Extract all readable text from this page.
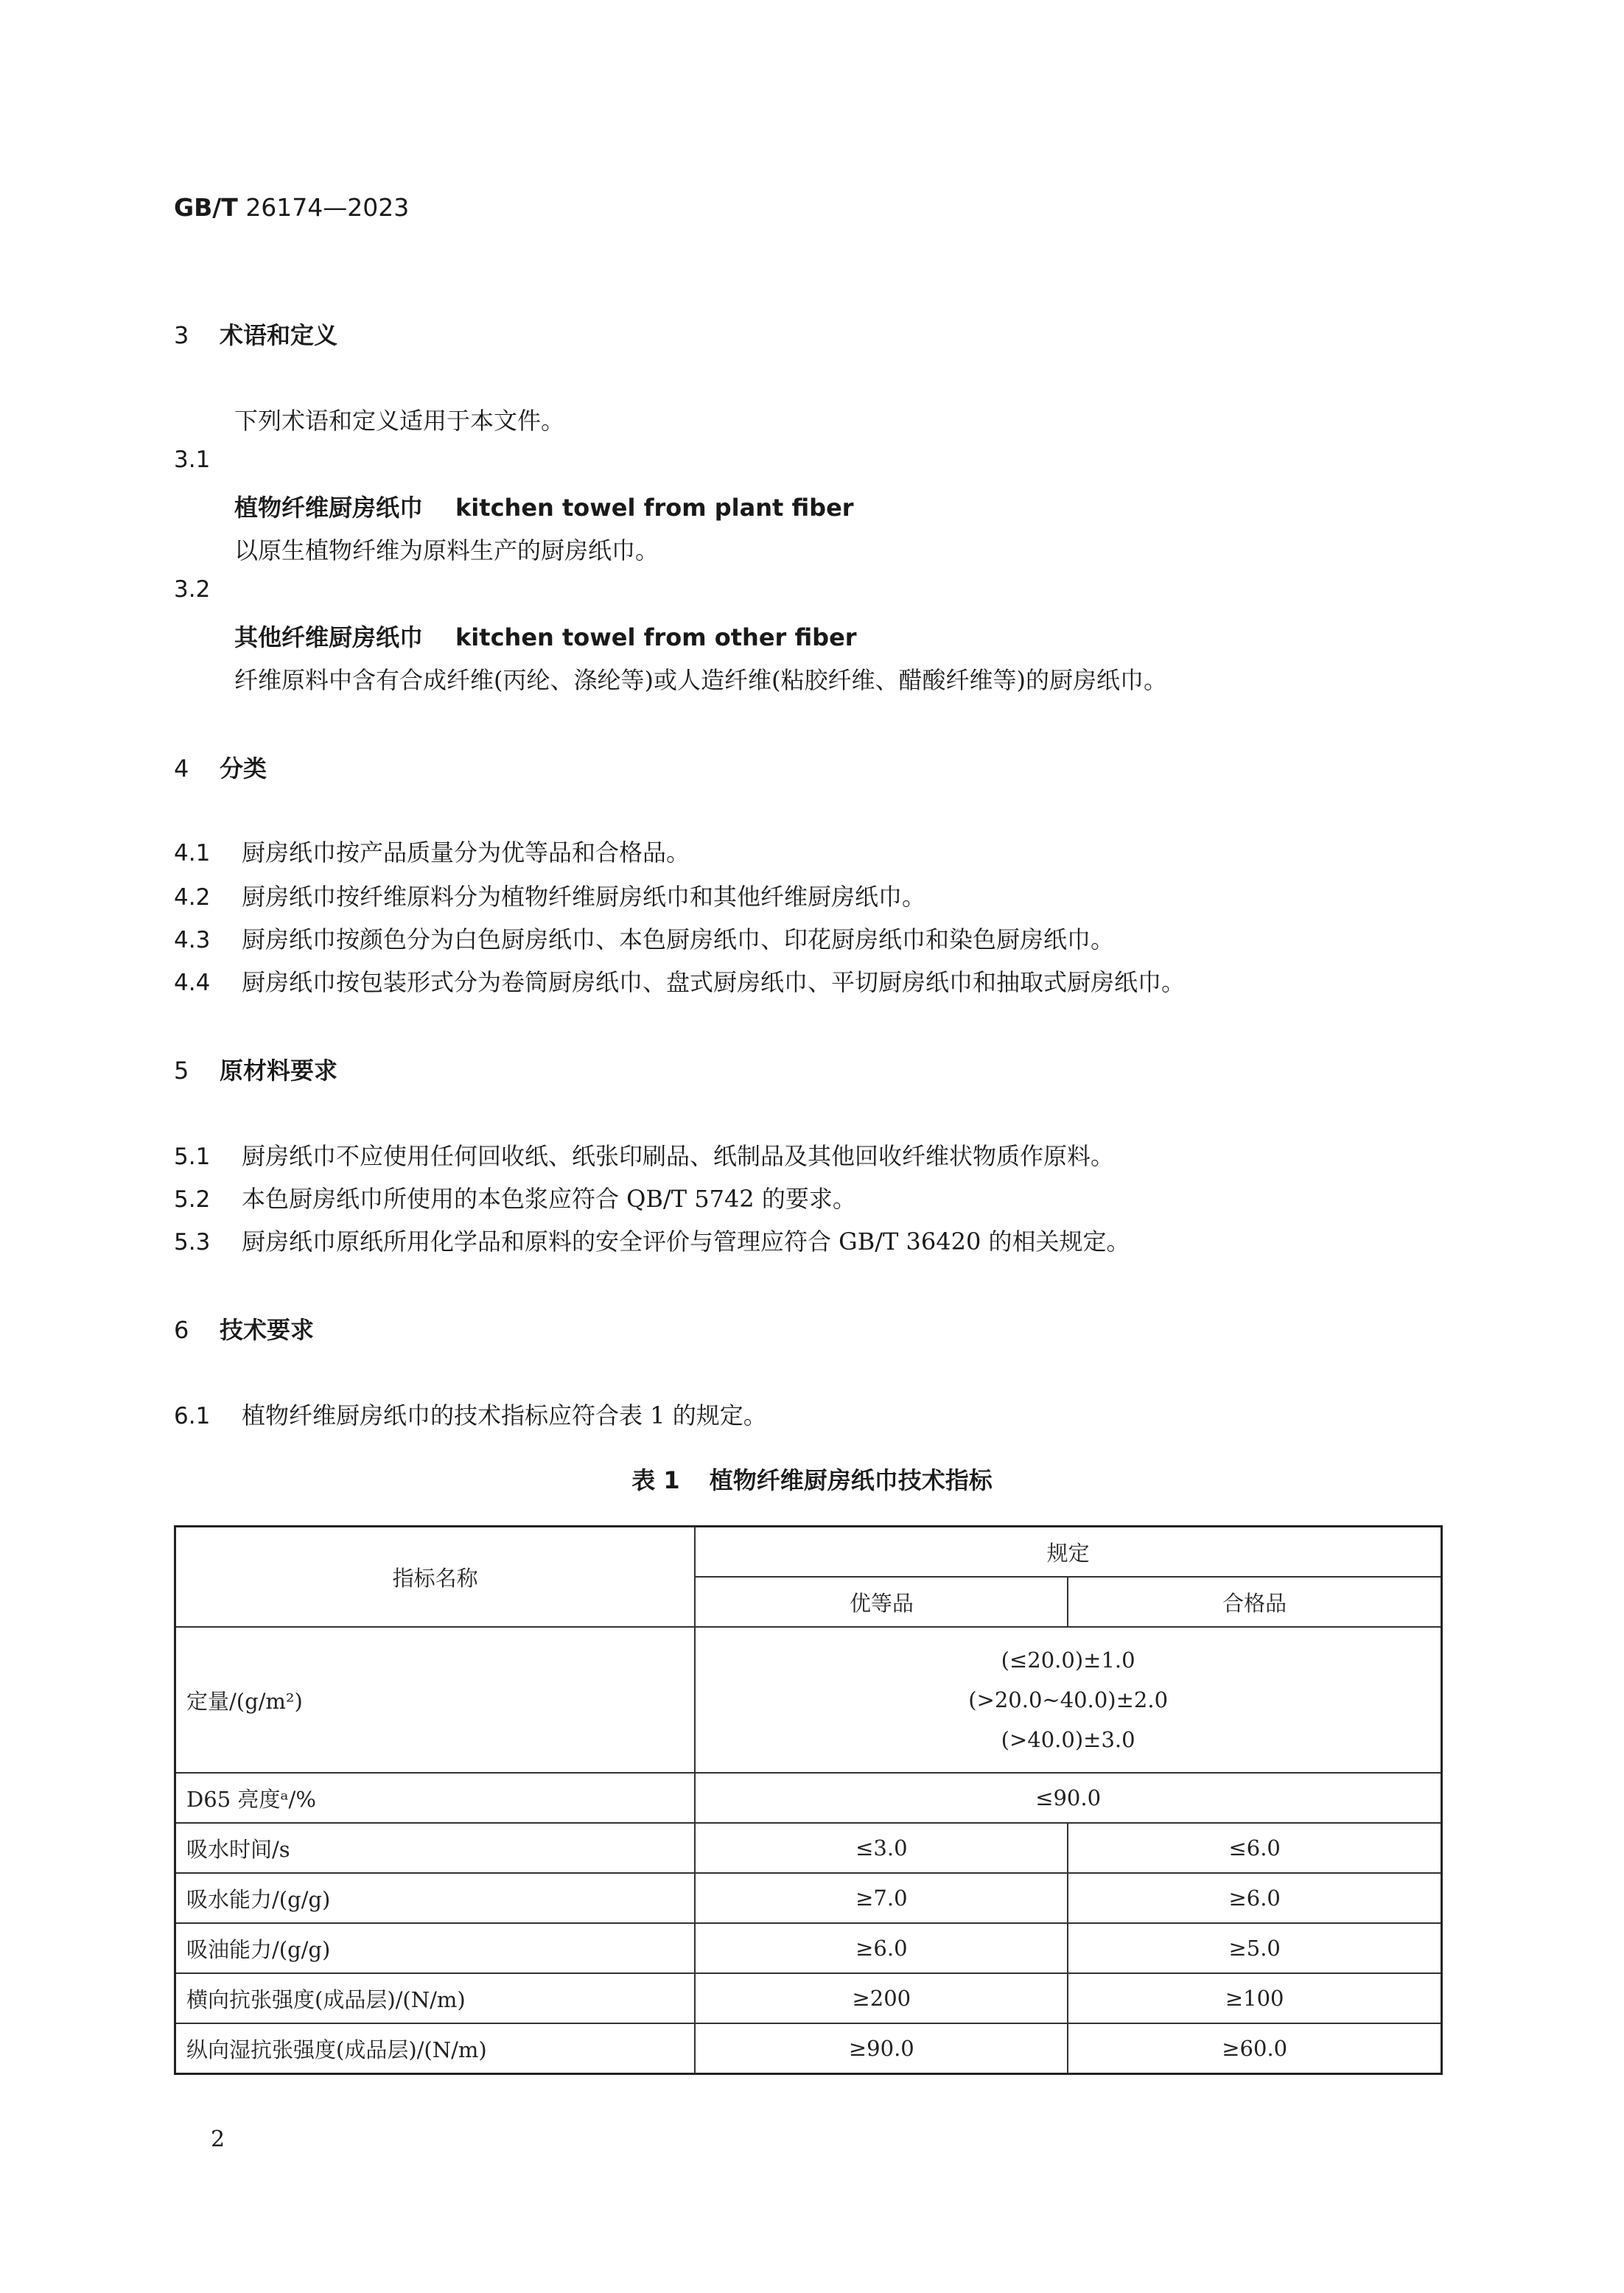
GB/T 26174—2023
3 术语和定义
下列术语和定义适用于本文件。
3.1
植物纤维厨房纸巾 kitchen towel from plant fiber
以原生植物纤维为原料生产的厨房纸巾。
3.2
其他纤维厨房纸巾 kitchen towel from other fiber
纤维原料中含有合成纤维(丙纶、涤纶等)或人造纤维(粘胶纤维、醋酸纤维等)的厨房纸巾。
4 分类
4.1 厨房纸巾按产品质量分为优等品和合格品。
4.2 厨房纸巾按纤维原料分为植物纤维厨房纸巾和其他纤维厨房纸巾。
4.3 厨房纸巾按颜色分为白色厨房纸巾、本色厨房纸巾、印花厨房纸巾和染色厨房纸巾。
4.4 厨房纸巾按包装形式分为卷筒厨房纸巾、盘式厨房纸巾、平切厨房纸巾和抽取式厨房纸巾。
5 原材料要求
5.1 厨房纸巾不应使用任何回收纸、纸张印刷品、纸制品及其他回收纤维状物质作原料。
5.2 本色厨房纸巾所使用的本色浆应符合 QB/T 5742 的要求。
5.3 厨房纸巾原纸所用化学品和原料的安全评价与管理应符合 GB/T 36420 的相关规定。
6 技术要求
6.1 植物纤维厨房纸巾的技术指标应符合表 1 的规定。
表 1 植物纤维厨房纸巾技术指标
指标名称	规定	
	优等品	合格品
定量/(g/m²)	(≤20.0)±1.0
(>20.0~40.0)±2.0
(>40.0)±3.0	

D65 亮度ᵃ/%	≤90.0	
吸水时间/s	≤3.0	≤6.0
吸水能力/(g/g)	≥7.0	≥6.0
吸油能力/(g/g)	≥6.0	≥5.0
横向抗张强度(成品层)/(N/m)	≥200	≥100
纵向湿抗张强度(成品层)/(N/m)	≥90.0	≥60.0
2
